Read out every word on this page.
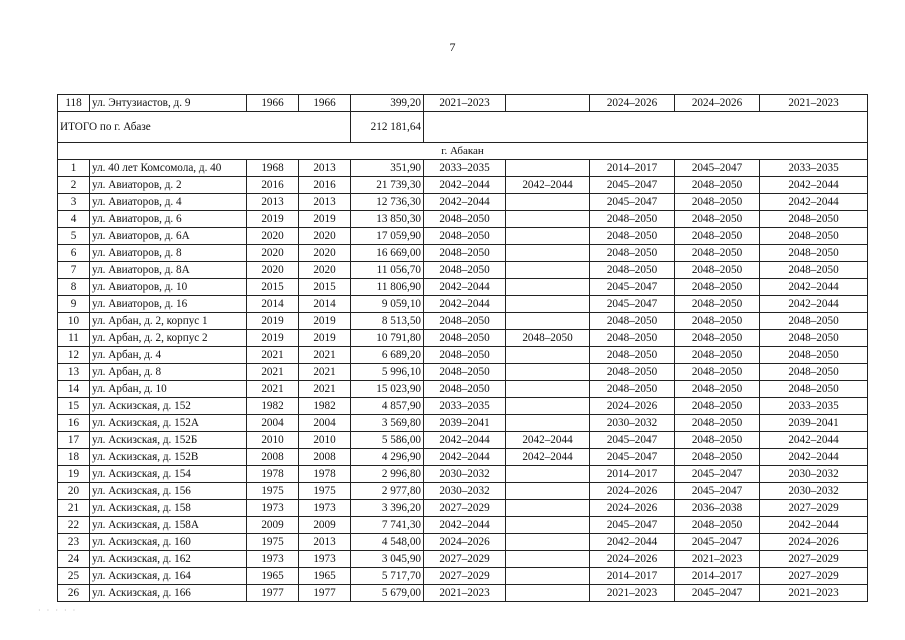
7
118	ул. Энтузиастов, д. 9	1966	1966	399,20	2021–2023		2024–2026	2024–2026	2021–2023
ИТОГО по г. Абазе				212 181,64					
г. Абакан									
1	ул. 40 лет Комсомола, д. 40	1968	2013	351,90	2033–2035		2014–2017	2045–2047	2033–2035
2	ул. Авиаторов, д. 2	2016	2016	21 739,30	2042–2044	2042–2044	2045–2047	2048–2050	2042–2044
3	ул. Авиаторов, д. 4	2013	2013	12 736,30	2042–2044		2045–2047	2048–2050	2042–2044
4	ул. Авиаторов, д. 6	2019	2019	13 850,30	2048–2050		2048–2050	2048–2050	2048–2050
5	ул. Авиаторов, д. 6А	2020	2020	17 059,90	2048–2050		2048–2050	2048–2050	2048–2050
6	ул. Авиаторов, д. 8	2020	2020	16 669,00	2048–2050		2048–2050	2048–2050	2048–2050
7	ул. Авиаторов, д. 8А	2020	2020	11 056,70	2048–2050		2048–2050	2048–2050	2048–2050
8	ул. Авиаторов, д. 10	2015	2015	11 806,90	2042–2044		2045–2047	2048–2050	2042–2044
9	ул. Авиаторов, д. 16	2014	2014	9 059,10	2042–2044		2045–2047	2048–2050	2042–2044
10	ул. Арбан, д. 2, корпус 1	2019	2019	8 513,50	2048–2050		2048–2050	2048–2050	2048–2050
11	ул. Арбан, д. 2, корпус 2	2019	2019	10 791,80	2048–2050	2048–2050	2048–2050	2048–2050	2048–2050
12	ул. Арбан, д. 4	2021	2021	6 689,20	2048–2050		2048–2050	2048–2050	2048–2050
13	ул. Арбан, д. 8	2021	2021	5 996,10	2048–2050		2048–2050	2048–2050	2048–2050
14	ул. Арбан, д. 10	2021	2021	15 023,90	2048–2050		2048–2050	2048–2050	2048–2050
15	ул. Аскизская, д. 152	1982	1982	4 857,90	2033–2035		2024–2026	2048–2050	2033–2035
16	ул. Аскизская, д. 152А	2004	2004	3 569,80	2039–2041		2030–2032	2048–2050	2039–2041
17	ул. Аскизская, д. 152Б	2010	2010	5 586,00	2042–2044	2042–2044	2045–2047	2048–2050	2042–2044
18	ул. Аскизская, д. 152В	2008	2008	4 296,90	2042–2044	2042–2044	2045–2047	2048–2050	2042–2044
19	ул. Аскизская, д. 154	1978	1978	2 996,80	2030–2032		2014–2017	2045–2047	2030–2032
20	ул. Аскизская, д. 156	1975	1975	2 977,80	2030–2032		2024–2026	2045–2047	2030–2032
21	ул. Аскизская, д. 158	1973	1973	3 396,20	2027–2029		2024–2026	2036–2038	2027–2029
22	ул. Аскизская, д. 158А	2009	2009	7 741,30	2042–2044		2045–2047	2048–2050	2042–2044
23	ул. Аскизская, д. 160	1975	2013	4 548,00	2024–2026		2042–2044	2045–2047	2024–2026
24	ул. Аскизская, д. 162	1973	1973	3 045,90	2027–2029		2024–2026	2021–2023	2027–2029
25	ул. Аскизская, д. 164	1965	1965	5 717,70	2027–2029		2014–2017	2014–2017	2027–2029
26	ул. Аскизская, д. 166	1977	1977	5 679,00	2021–2023		2021–2023	2045–2047	2021–2023
· · · · ·
